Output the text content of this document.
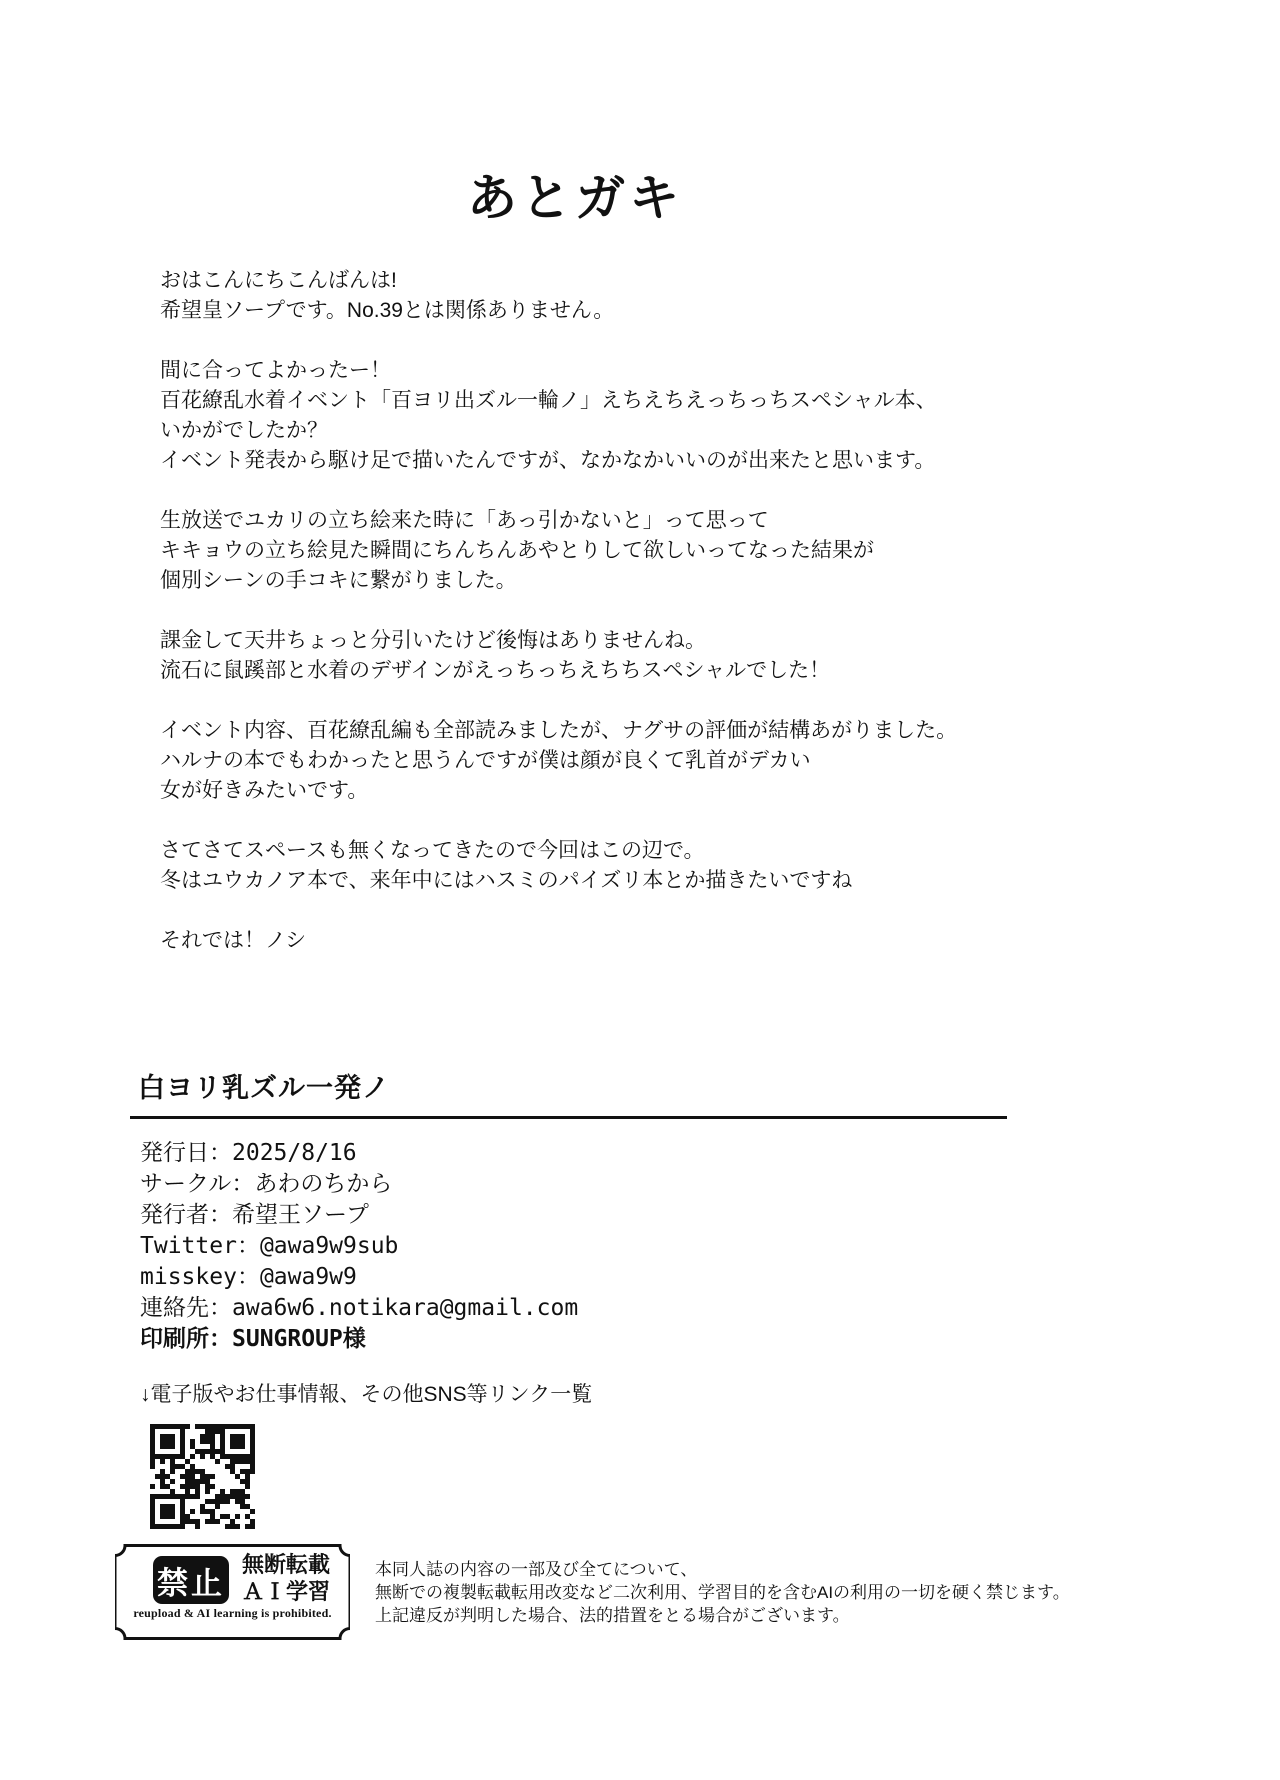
あとガキ

おはこんにちこんばんは!
希望皇ソープです。No.39とは関係ありません。

間に合ってよかったー！
百花繚乱水着イベント「百ヨリ出ズル一輪ノ」えちえちえっちっちスペシャル本、
いかがでしたか？
イベント発表から駆け足で描いたんですが、なかなかいいのが出来たと思います。

生放送でユカリの立ち絵来た時に「あっ引かないと」って思って
キキョウの立ち絵見た瞬間にちんちんあやとりして欲しいってなった結果が
個別シーンの手コキに繋がりました。

課金して天井ちょっと分引いたけど後悔はありませんね。
流石に鼠蹊部と水着のデザインがえっちっちえちちスペシャルでした！

イベント内容、百花繚乱編も全部読みましたが、ナグサの評価が結構あがりました。
ハルナの本でもわかったと思うんですが僕は顔が良くて乳首がデカい
女が好きみたいです。

さてさてスペースも無くなってきたので今回はこの辺で。
冬はユウカノア本で、来年中にはハスミのパイズリ本とか描きたいですね

それでは！ノシ

白ヨリ乳ズル一発ノ
発行日：2025/8/16
サークル：あわのちから
発行者：希望王ソープ
Twitter：@awa9w9sub
misskey：@awa9w9
連絡先：awa6w6.notikara@gmail.com
印刷所：SUNGROUP様
↓電子版やお仕事情報、その他SNS等リンク一覧
禁止 無断転載
ＡＩ学習
reupload & AI learning is prohibited.
本同人誌の内容の一部及び全てについて、
無断での複製転載転用改変など二次利用、学習目的を含むAIの利用の一切を硬く禁じます。
上記違反が判明した場合、法的措置をとる場合がございます。
